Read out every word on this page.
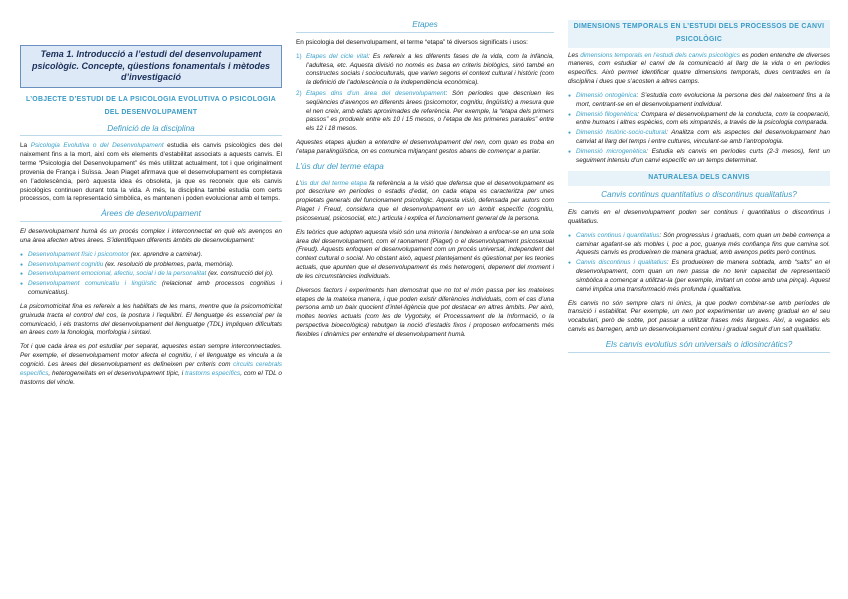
Tema 1. Introducció a l’estudi del desenvolupament psicològic. Concepte, qüestions fonamentals i mètodes d’investigació
L’OBJECTE D’ESTUDI DE LA PSICOLOGIA EVOLUTIVA O PSICOLOGIA DEL DESENVOLUPAMENT
Definició de la disciplina

La Psicologia Evolutiva o del Desenvolupament estudia els canvis psicològics des del naixement fins a la mort, així com els elements d’estabilitat associats a aquests canvis. El terme “Psicologia del Desenvolupament” és més utilitzat actualment, tot i que originalment provenia de França i Suïssa. Jean Piaget afirmava que el desenvolupament es completava en l’adolescència, però aquesta idea és obsoleta, ja que es reconeix que els canvis psicològics continuen durant tota la vida. A més, la disciplina també estudia com certs processos, com la representació simbòlica, es mantenen i poden evolucionar amb el temps.

Àrees de desenvolupament

El desenvolupament humà és un procés complex i interconnectat en què els avenços en una àrea afecten altres àrees. S’identifiquen diferents àmbits de desenvolupament:

● Desenvolupament físic i psicomotor (ex. aprendre a caminar).
● Desenvolupament cognitiu (ex. resolució de problemes, parla, memòria).
● Desenvolupament emocional, afectiu, social i de la personalitat (ex. construcció del jo).
● Desenvolupament comunicatiu i lingüístic (relacionat amb processos cognitius i comunicatius).

La psicomotricitat fina es refereix a les habilitats de les mans, mentre que la psicomotricitat gruixuda tracta el control del cos, la postura i l’equilibri. El llenguatge és essencial per la comunicació, i els trastorns del desenvolupament del llenguatge (TDL) impliquen dificultats en àrees com la fonologia, morfologia i sintaxi.

Tot i que cada àrea es pot estudiar per separat, aquestes estan sempre interconnectades. Per exemple, el desenvolupament motor afecta el cognitiu, i el llenguatge es vincula a la cognició. Les àrees del desenvolupament es defineixen per criteris com circuits cerebrals específics, heterogeneïtats en el desenvolupament típic, i trastorns específics, com el TDL o trastorns del vincle.

Etapes

En psicologia del desenvolupament, el terme “etapa” té diversos significats i usos:

1) Etapes del cicle vital: Es refereix a les diferents fases de la vida, com la infància, l’adultesa, etc. Aquesta divisió no només es basa en criteris biològics, sinó també en constructes socials i socioculturals, que varien segons el context cultural i històric (com la definició de l’adolescència o la independència econòmica).
2) Etapes dins d’un àrea del desenvolupament: Són períodes que descriuen les seqüències d’avenços en diferents àrees (psicomotor, cognitiu, lingüístic) a mesura que el nen creix, amb edats aproximades de referència. Per exemple, la “etapa dels primers passos” es produeix entre els 10 i 15 mesos, o l’etapa de les primeres paraules” entre els 12 i 18 mesos.

Aquestes etapes ajuden a entendre el desenvolupament del nen, com quan es troba en l’etapa paralingüística, on es comunica mitjançant gestos abans de començar a parlar.

L’ús dur del terme etapa

L’ús dur del terme etapa fa referència a la visió que defensa que el desenvolupament es pot descriure en períodes o estadis d’edat, on cada etapa es caracteritza per unes propietats generals del funcionament psicològic. Aquesta visió, defensada per autors com Piaget i Freud, considera que el desenvolupament en un àmbit específic (cognitiu, psicosexual, psicosocial, etc.) articula i explica el funcionament general de la persona.

Els teòrics que adopten aquesta visió són una minoria i tendeixen a enfocar-se en una sola àrea del desenvolupament, com el raonament (Piaget) o el desenvolupament psicosexual (Freud). Aquests enfoquen el desenvolupament com un procés universal, independent del context cultural o social. No obstant això, aquest plantejament és qüestionat per les teories actuals, que apunten que el desenvolupament és més heterogeni, depenent del moment i de les circumstàncies individuals.

Diversos factors i experiments han demostrat que no tot el món passa per les mateixes etapes de la mateixa manera, i que poden existir diferències individuals, com el cas d’una persona amb un baix quocient d’intel·ligència que pot destacar en altres àmbits. Per això, moltes teories actuals (com les de Vygotsky, el Processament de la Informació, o la perspectiva bioecològica) rebutgen la noció d’estadis fixos i proposen enfocaments més flexibles i dinàmics per entendre el desenvolupament humà.

DIMENSIONS TEMPORALS EN L’ESTUDI DELS PROCESSOS DE CANVI PSICOLÒGIC

Les dimensions temporals en l’estudi dels canvis psicològics es poden entendre de diverses maneres, com estudiar el canvi de la comunicació al llarg de la vida o en períodes específics. Això permet identificar quatre dimensions temporals, dues centrades en la disciplina i dues que s’acosten a altres camps.

● Dimensió ontogènica: S’estudia com evoluciona la persona des del naixement fins a la mort, centrant-se en el desenvolupament individual.
● Dimensió filogenètica: Compara el desenvolupament de la conducta, com la cooperació, entre humans i altres espècies, com els ximpanzés, a través de la psicologia comparada.
● Dimensió històric-socio-cultural: Analitza com els aspectes del desenvolupament han canviat al llarg del temps i entre cultures, vinculant-se amb l’antropologia.
● Dimensió microgenètica: Estudia els canvis en períodes curts (2-3 mesos), fent un seguiment intensiu d’un canvi específic en un temps determinat.
NATURALESA DELS CANVIS
Canvis continus quantitatius o discontinus qualitatius?

Els canvis en el desenvolupament poden ser continus i quantitatius o discontinus i qualitatius.

● Canvis continus i quantitatius: Són progressius i graduals, com quan un bebè comença a caminar agafant-se als mobles i, poc a poc, guanya més confiança fins que camina sol. Aquests canvis es produeixen de manera gradual, amb avenços petits però continus.
● Canvis discontinus i qualitatius: Es produeixen de manera sobtada, amb “salts” en el desenvolupament, com quan un nen passa de no tenir capacitat de representació simbòlica a començar a utilitzar-la (per exemple, imitant un cotxe amb una pinça). Aquest canvi implica una transformació més profunda i qualitativa.

Els canvis no són sempre clars ni únics, ja que poden combinar-se amb períodes de transició i estabilitat. Per exemple, un nen pot experimentar un avenç gradual en el seu vocabulari, però de sobte, pot passar a utilitzar frases més llargues. Així, a vegades els canvis es barregen, amb un desenvolupament continu i gradual seguit d’un salt qualitatiu.

Els canvis evolutius són universals o idiosincràtics?
